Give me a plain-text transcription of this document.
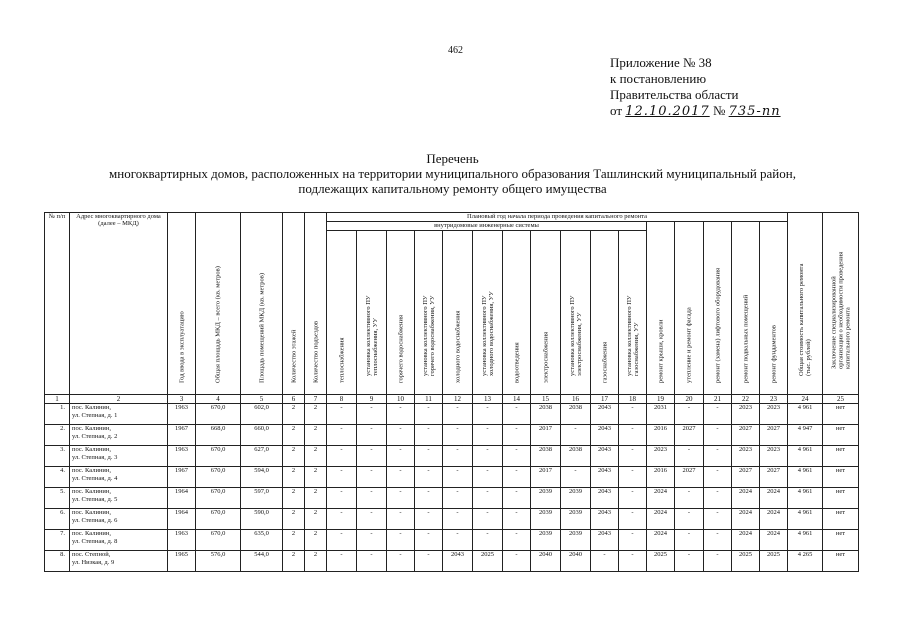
462
Приложение № 38
к постановлению
Правительства области
от 12.10.2017 № 735-пп
Перечень
многоквартирных домов, расположенных на территории муниципального образования Ташлинский муниципальный район,
подлежащих капитальному ремонту общего имущества
№ п/п	Адрес многоквартирного дома (далее – МКД)	Год ввода в эксплуатацию	Общая площадь МКД – всего (кв. метров)	Площадь помещений МКД (кв. метров)	Количество этажей	Количество подъездов	Плановый год начала периода проведения капитального ремонта																Общая стоимость капитального ремонта (тыс. рублей)	Заключение специализированной организации о необходимости проведения капитального ремонта

							внутридомовые инженерные системы											ремонт крыши, кровли	утепление и ремонт фасада	ремонт (замена) лифтового оборудования	ремонт подвальных помещений	ремонт фундаментов		

							теплоснабжения	установка коллективного ПУ теплоснабжения, УУ	горячего водоснабжения	установка коллективного ПУ горячего водоснабжения, УУ	холодного водоснабжения	установка коллективного ПУ холодного водоснабжения, УУ	водоотведения	электроснабжения	установка коллективного ПУ электроснабжения, УУ	газоснабжения	установка коллективного ПУ газоснабжения, УУ							

1	2	3	4	5	6	7	8	9	10	11	12	13	14	15	16	17	18	19	20	21	22	23	24	25
1.	пос. Калинин,
ул. Степная, д. 1	1963	670,0	602,0	2	2	-	-	-	-	-	-	-	2038	2038	2043	-	2031	-	-	2023	2023	4 961	нет
2.	пос. Калинин,
ул. Степная, д. 2	1967	668,0	660,0	2	2	-	-	-	-	-	-	-	2017	-	2043	-	2016	2027	-	2027	2027	4 947	нет
3.	пос. Калинин,
ул. Степная, д. 3	1963	670,0	627,0	2	2	-	-	-	-	-	-	-	2038	2038	2043	-	2023	-	-	2023	2023	4 961	нет
4.	пос. Калинин,
ул. Степная, д. 4	1967	670,0	594,0	2	2	-	-	-	-	-	-	-	2017	-	2043	-	2016	2027	-	2027	2027	4 961	нет
5.	пос. Калинин,
ул. Степная, д. 5	1964	670,0	597,0	2	2	-	-	-	-	-	-	-	2039	2039	2043	-	2024	-	-	2024	2024	4 961	нет
6.	пос. Калинин,
ул. Степная, д. 6	1964	670,0	590,0	2	2	-	-	-	-	-	-	-	2039	2039	2043	-	2024	-	-	2024	2024	4 961	нет
7.	пос. Калинин,
ул. Степная, д. 8	1963	670,0	635,0	2	2	-	-	-	-	-	-	-	2039	2039	2043	-	2024	-	-	2024	2024	4 961	нет
8.	пос. Степной,
ул. Низкая, д. 9	1965	576,0	544,0	2	2	-	-	-	-	2043	2025	-	2040	2040	-	-	2025	-	-	2025	2025	4 265	нет
